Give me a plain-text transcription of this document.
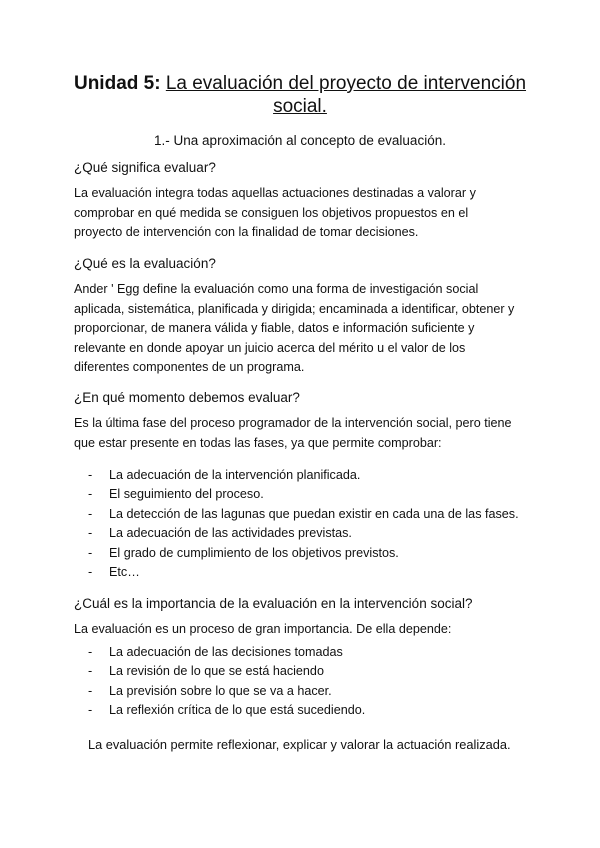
Unidad 5: La evaluación del proyecto de intervención social.
1.- Una aproximación al concepto de evaluación.
¿Qué significa evaluar?
La evaluación integra todas aquellas actuaciones destinadas a valorar y
comprobar en qué medida se consiguen los objetivos propuestos en el
proyecto de intervención con la finalidad de tomar decisiones.
¿Qué es la evaluación?
Ander ' Egg define la evaluación como una forma de investigación social
aplicada, sistemática, planificada y dirigida; encaminada a identificar, obtener y
proporcionar, de manera válida y fiable, datos e información suficiente y
relevante en donde apoyar un juicio acerca del mérito u el valor de los
diferentes componentes de un programa.
¿En qué momento debemos evaluar?
Es la última fase del proceso programador de la intervención social, pero tiene
que estar presente en todas las fases, ya que permite comprobar:
- La adecuación de la intervención planificada.
- El seguimiento del proceso.
- La detección de las lagunas que puedan existir en cada una de las fases.
- La adecuación de las actividades previstas.
- El grado de cumplimiento de los objetivos previstos.
- Etc…
¿Cuál es la importancia de la evaluación en la intervención social?
La evaluación es un proceso de gran importancia. De ella depende:
- La adecuación de las decisiones tomadas
- La revisión de lo que se está haciendo
- La previsión sobre lo que se va a hacer.
- La reflexión crítica de lo que está sucediendo.
La evaluación permite reflexionar, explicar y valorar la actuación realizada.
